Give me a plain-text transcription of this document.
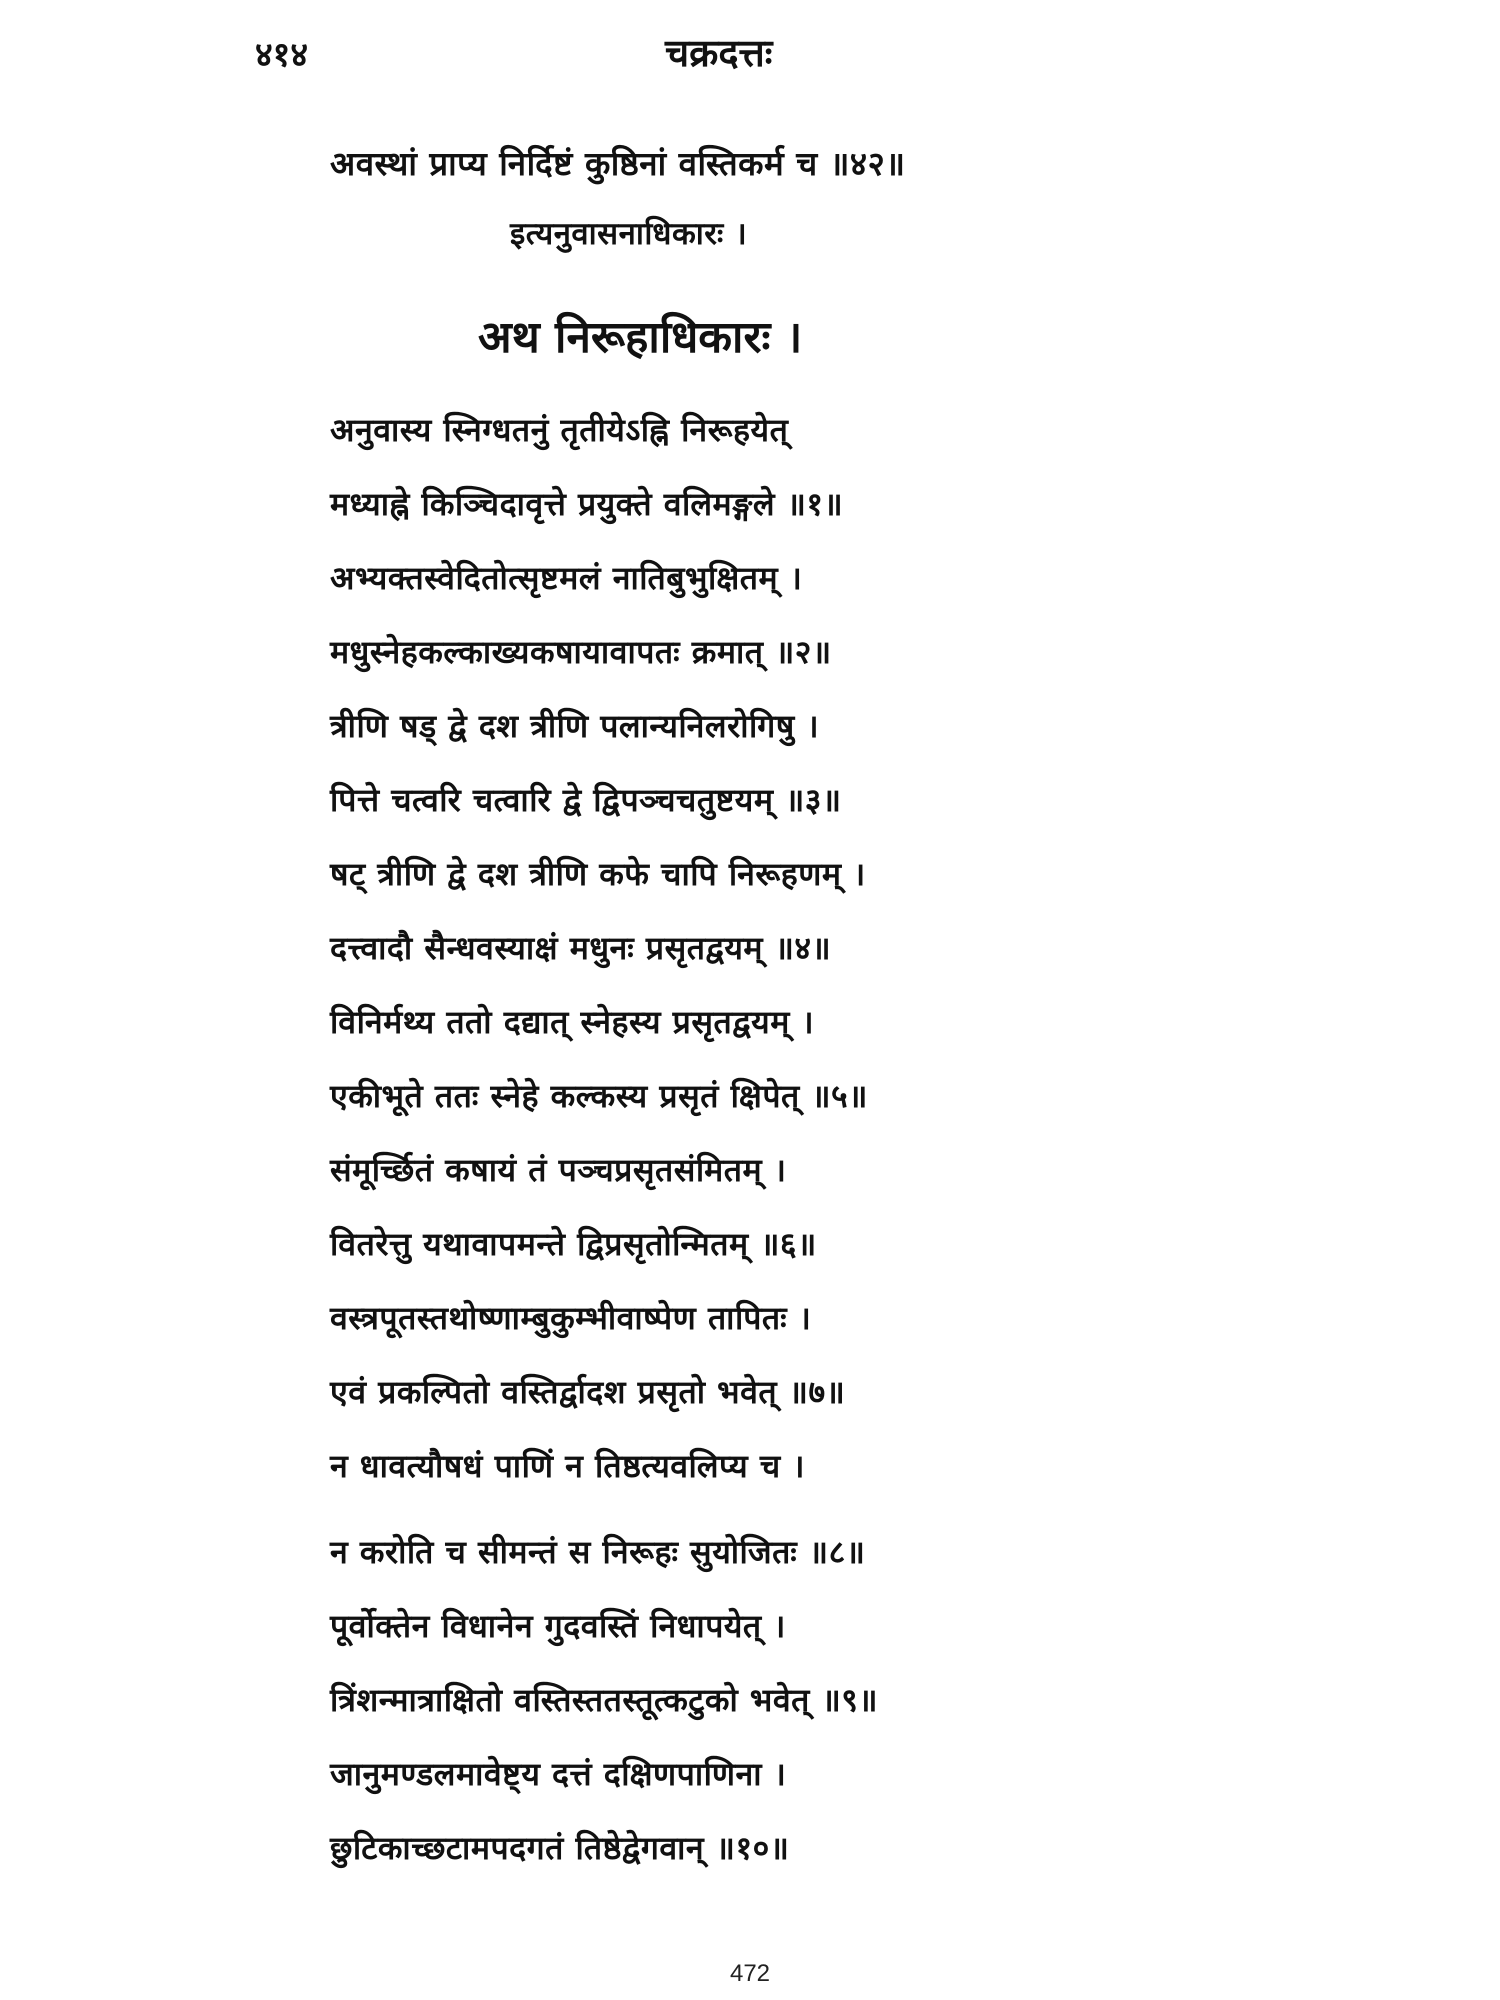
४१४	चक्रदत्तः
अवस्थां प्राप्य निर्दिष्टं कुष्ठिनां वस्तिकर्म च ॥४२॥
इत्यनुवासनाधिकारः ।
अथ निरूहाधिकारः ।
अनुवास्य स्निग्धतनुं तृतीयेऽह्नि निरूहयेत्
मध्याह्ने किञ्चिदावृत्ते प्रयुक्ते वलिमङ्गले ॥१॥
अभ्यक्तस्वेदितोत्सृष्टमलं नातिबुभुक्षितम् ।
मधुस्नेहकल्काख्यकषायावापतः क्रमात् ॥२॥
त्रीणि षड् द्वे दश त्रीणि पलान्यनिलरोगिषु ।
पित्ते चत्वरि चत्वारि द्वे द्विपञ्चचतुष्टयम् ॥३॥
षट् त्रीणि द्वे दश त्रीणि कफे चापि निरूहणम् ।
दत्त्वादौ सैन्धवस्याक्षं मधुनः प्रसृतद्वयम् ॥४॥
विनिर्मथ्य ततो दद्यात् स्नेहस्य प्रसृतद्वयम् ।
एकीभूते ततः स्नेहे कल्कस्य प्रसृतं क्षिपेत् ॥५॥
संमूर्च्छितं कषायं तं पञ्चप्रसृतसंमितम् ।
वितरेत्तु यथावापमन्ते द्विप्रसृतोन्मितम् ॥६॥
वस्त्रपूतस्तथोष्णाम्बुकुम्भीवाष्पेण तापितः ।
एवं प्रकल्पितो वस्तिर्द्वादश प्रसृतो भवेत् ॥७॥
न धावत्यौषधं पाणिं न तिष्ठत्यवलिप्य च ।
न करोति च सीमन्तं स निरूहः सुयोजितः ॥८॥
पूर्वोक्तेन विधानेन गुदवस्तिं निधापयेत् ।
त्रिंशन्मात्राक्षितो वस्तिस्ततस्तूत्कटुको भवेत् ॥९॥
जानुमण्डलमावेष्ट्य दत्तं दक्षिणपाणिना ।
छुटिकाच्छटामपदगतं तिष्ठेद्वेगवान् ॥१०॥
472
